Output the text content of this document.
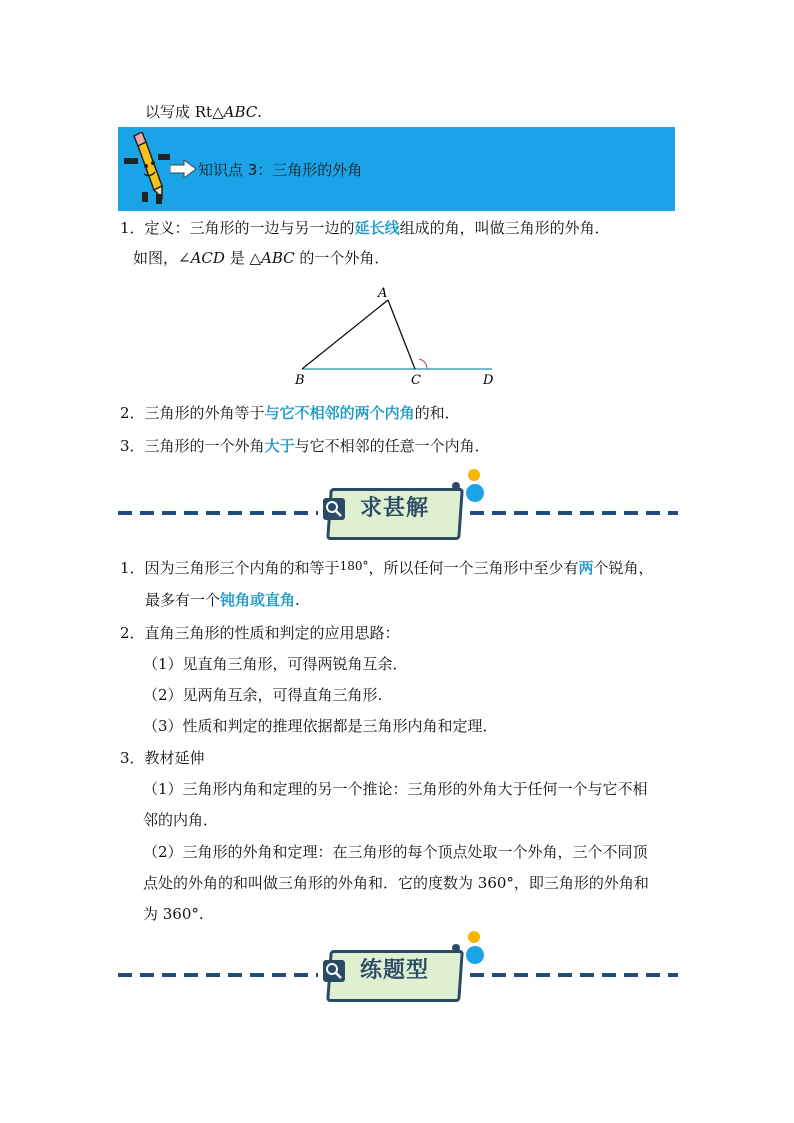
以写成 Rt△ABC.
知识点 3：三角形的外角
1．定义：三角形的一边与另一边的延长线组成的角，叫做三角形的外角．
如图，∠ACD 是 △ABC 的一个外角．
A
B	C	D
2．三角形的外角等于与它不相邻的两个内角的和．
3．三角形的一个外角大于与它不相邻的任意一个内角．
求甚解
1．因为三角形三个内角的和等于$^{180^\circ}$，所以任何一个三角形中至少有两个锐角，
最多有一个钝角或直角.
2．直角三角形的性质和判定的应用思路：
（1）见直角三角形，可得两锐角互余．
（2）见两角互余，可得直角三角形.
（3）性质和判定的推理依据都是三角形内角和定理．
3．教材延伸
（1）三角形内角和定理的另一个推论：三角形的外角大于任何一个与它不相
邻的内角．
（2）三角形的外角和定理：在三角形的每个顶点处取一个外角，三个不同顶
点处的外角的和叫做三角形的外角和．它的度数为 360°，即三角形的外角和
为 360°.
练题型
